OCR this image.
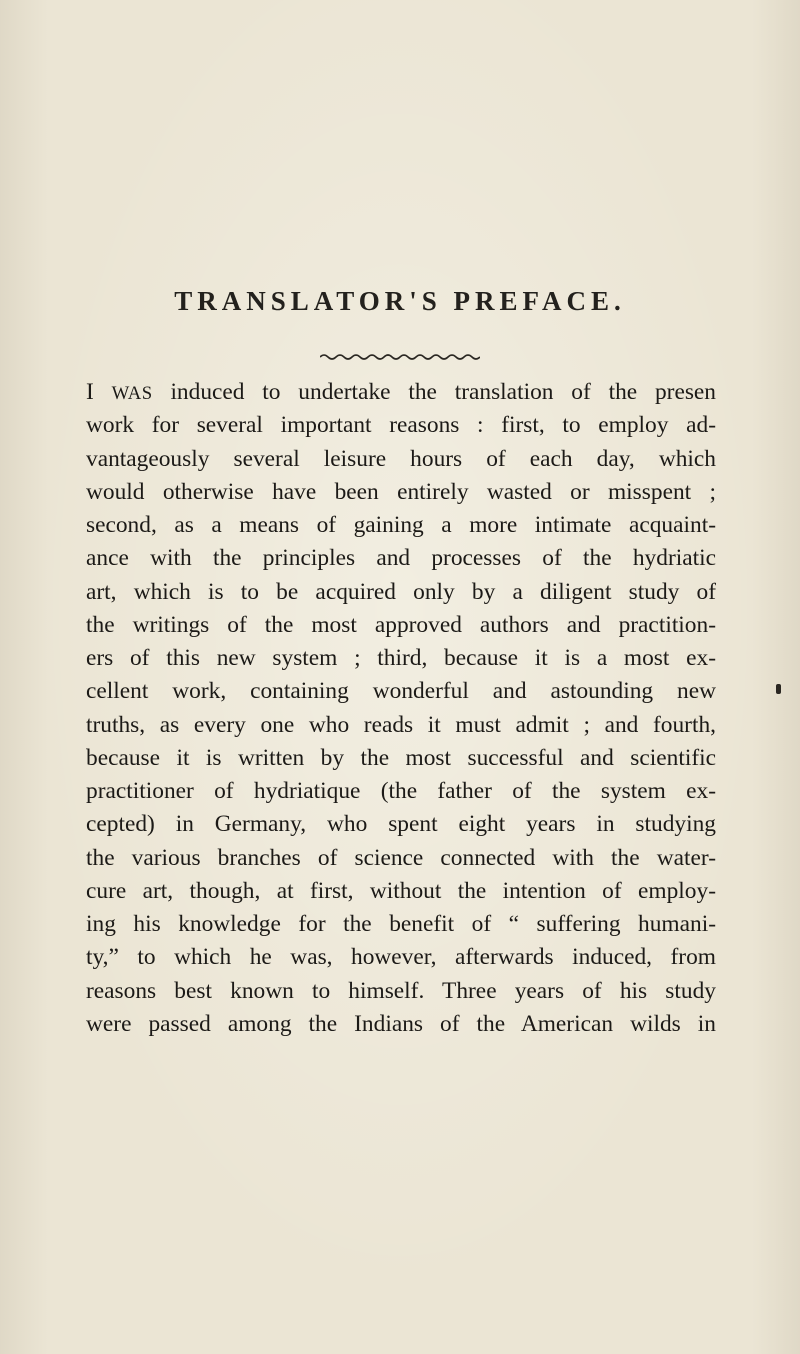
TRANSLATOR'S PREFACE.
I WAS induced to undertake the translation of the presen
work for several important reasons : first, to employ ad-
vantageously several leisure hours of each day, which
would otherwise have been entirely wasted or misspent ;
second, as a means of gaining a more intimate acquaint-
ance with the principles and processes of the hydriatic
art, which is to be acquired only by a diligent study of
the writings of the most approved authors and practition-
ers of this new system ; third, because it is a most ex-
cellent work, containing wonderful and astounding new
truths, as every one who reads it must admit ; and fourth,
because it is written by the most successful and scientific
practitioner of hydriatique (the father of the system ex-
cepted) in Germany, who spent eight years in studying
the various branches of science connected with the water-
cure art, though, at first, without the intention of employ-
ing his knowledge for the benefit of “ suffering humani-
ty,” to which he was, however, afterwards induced, from
reasons best known to himself. Three years of his study
were passed among the Indians of the American wilds in
